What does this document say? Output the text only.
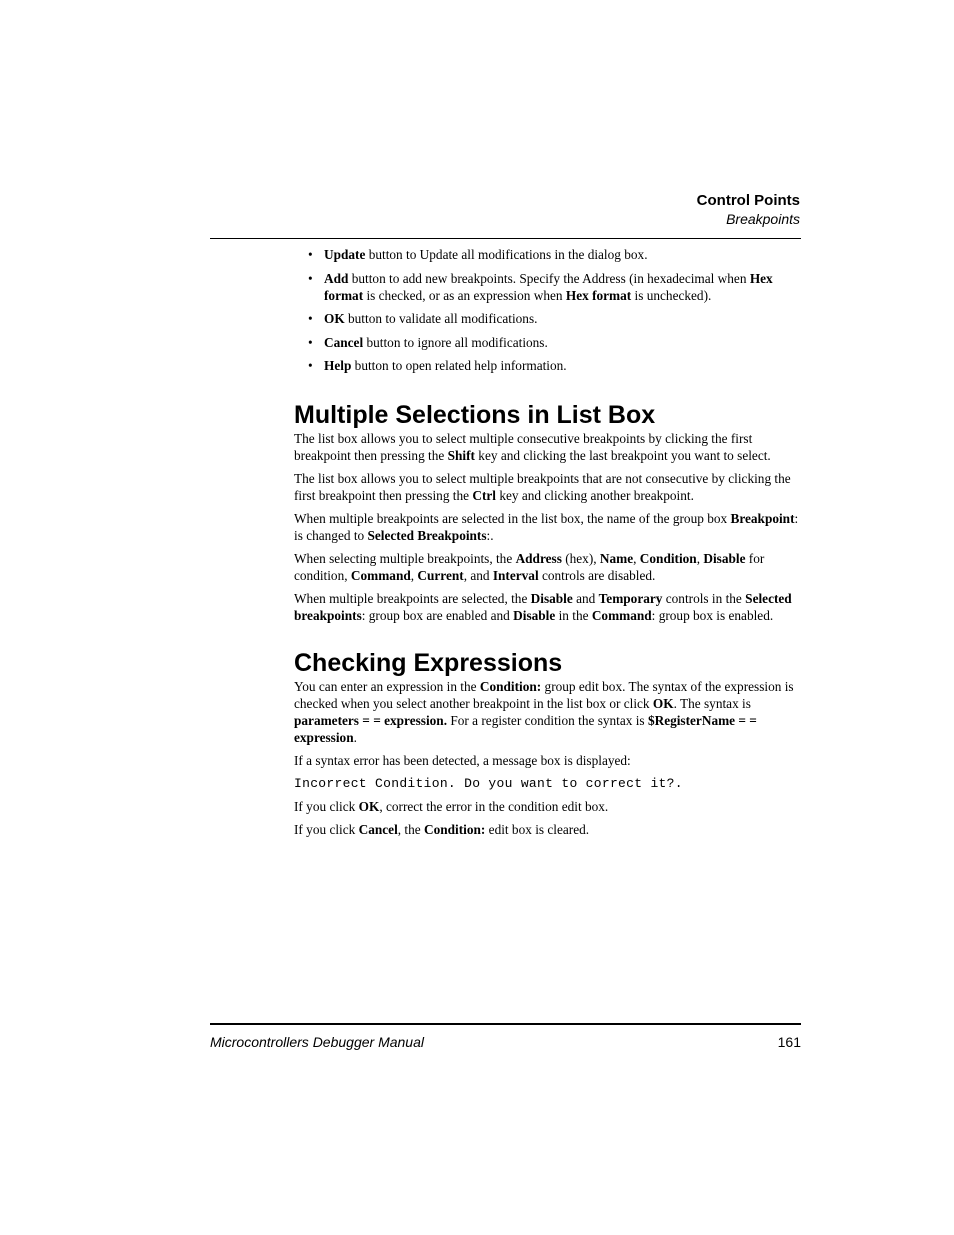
Control Points
Breakpoints
• Update button to Update all modifications in the dialog box.
• Add button to add new breakpoints. Specify the Address (in hexadecimal when Hex format is checked, or as an expression when Hex format is unchecked).
• OK button to validate all modifications.
• Cancel button to ignore all modifications.
• Help button to open related help information.
Multiple Selections in List Box

The list box allows you to select multiple consecutive breakpoints by clicking the first breakpoint then pressing the Shift key and clicking the last breakpoint you want to select.

The list box allows you to select multiple breakpoints that are not consecutive by clicking the first breakpoint then pressing the Ctrl key and clicking another breakpoint.

When multiple breakpoints are selected in the list box, the name of the group box Breakpoint: is changed to Selected Breakpoints:.

When selecting multiple breakpoints, the Address (hex), Name, Condition, Disable for condition, Command, Current, and Interval controls are disabled.

When multiple breakpoints are selected, the Disable and Temporary controls in the Selected breakpoints: group box are enabled and Disable in the Command: group box is enabled.

Checking Expressions

You can enter an expression in the Condition: group edit box. The syntax of the expression is checked when you select another breakpoint in the list box or click OK. The syntax is parameters = = expression. For a register condition the syntax is $RegisterName = = expression.

If a syntax error has been detected, a message box is displayed:

Incorrect Condition. Do you want to correct it?.

If you click OK, correct the error in the condition edit box.

If you click Cancel, the Condition: edit box is cleared.

Microcontrollers Debugger Manual	161
